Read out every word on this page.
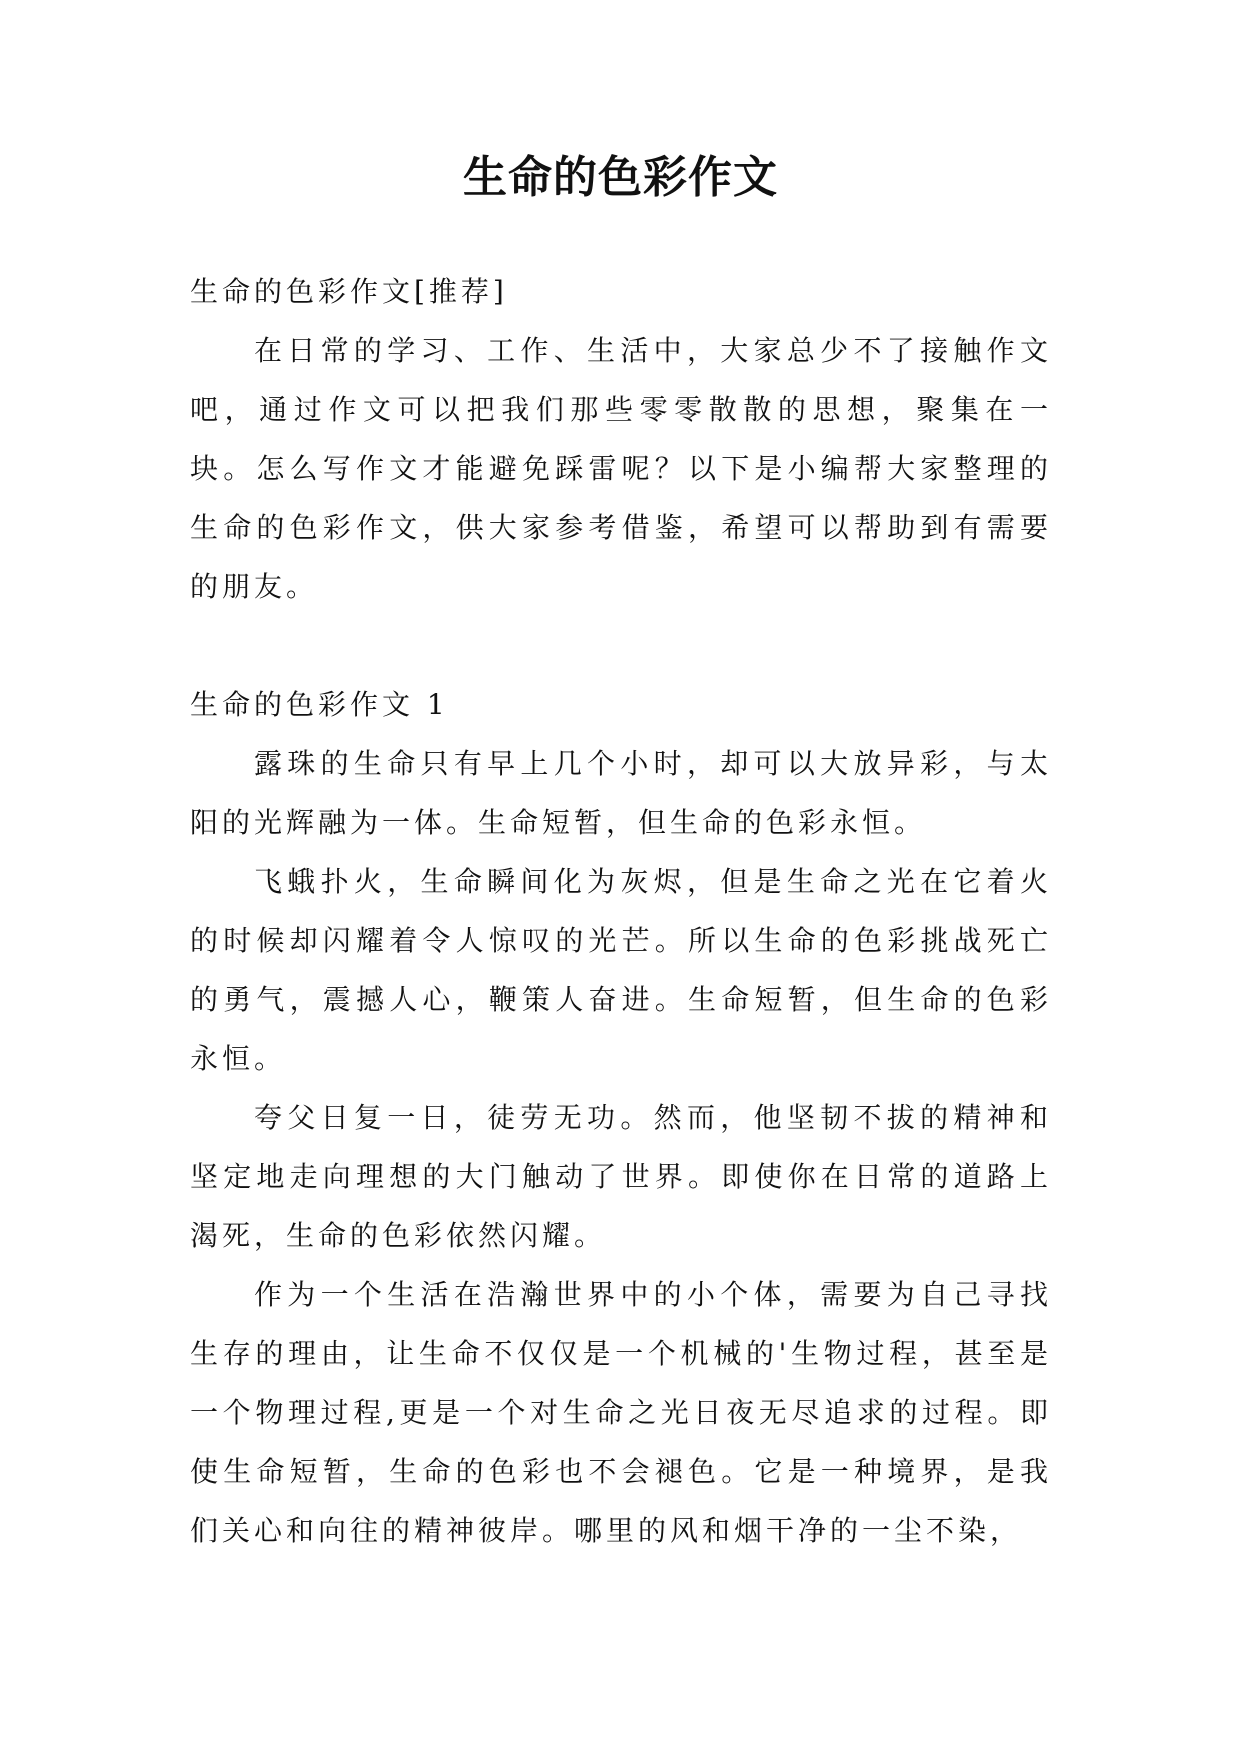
生命的色彩作文

生命的色彩作文[推荐]

在日常的学习、工作、生活中，大家总少不了接触作文吧，通过作文可以把我们那些零零散散的思想，聚集在一块。怎么写作文才能避免踩雷呢？以下是小编帮大家整理的生命的色彩作文，供大家参考借鉴，希望可以帮助到有需要的朋友。

生命的色彩作文 1

露珠的生命只有早上几个小时，却可以大放异彩，与太阳的光辉融为一体。生命短暂，但生命的色彩永恒。

飞蛾扑火，生命瞬间化为灰烬，但是生命之光在它着火的时候却闪耀着令人惊叹的光芒。所以生命的色彩挑战死亡的勇气，震撼人心，鞭策人奋进。生命短暂，但生命的色彩永恒。

夸父日复一日，徒劳无功。然而，他坚韧不拔的精神和坚定地走向理想的大门触动了世界。即使你在日常的道路上渴死，生命的色彩依然闪耀。

作为一个生活在浩瀚世界中的小个体，需要为自己寻找生存的理由，让生命不仅仅是一个机械的'生物过程，甚至是一个物理过程,更是一个对生命之光日夜无尽追求的过程。即使生命短暂，生命的色彩也不会褪色。它是一种境界，是我们关心和向往的精神彼岸。哪里的风和烟干净的一尘不染，
